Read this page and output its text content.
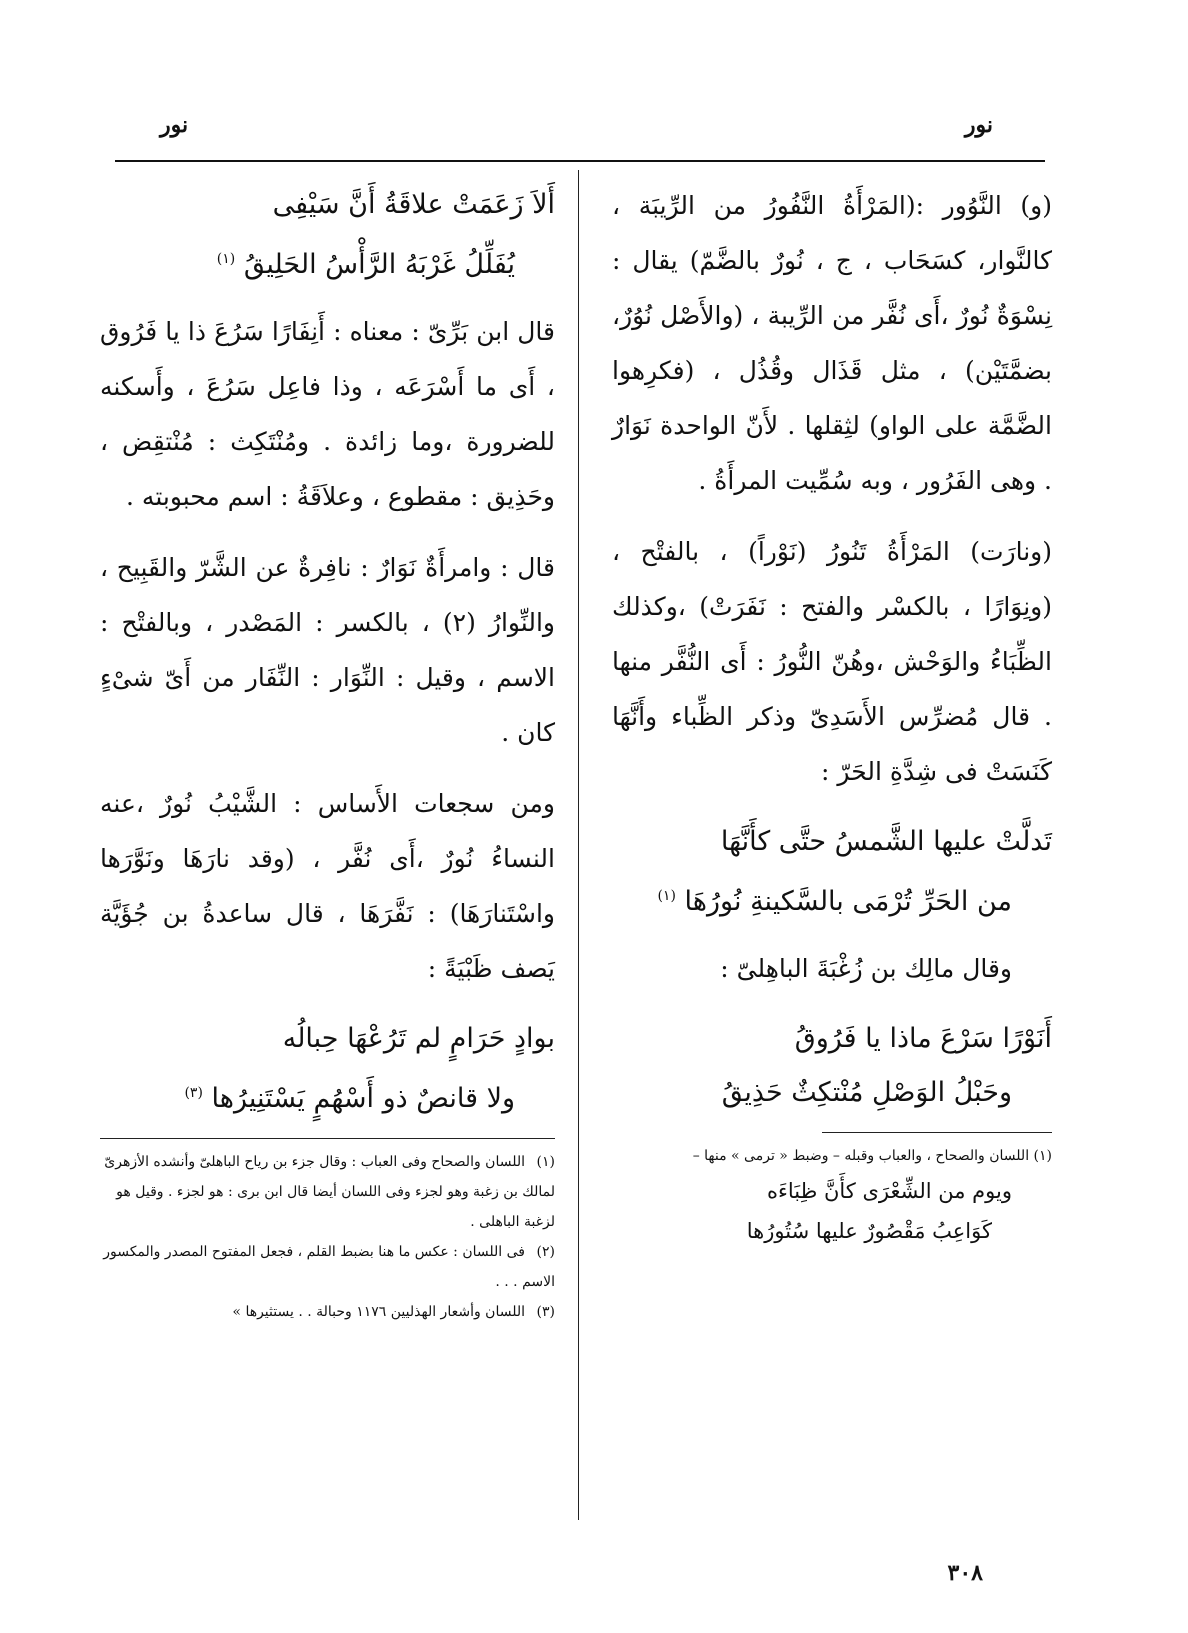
نور
نور

(و) النَّوُور :(المَرْأَةُ النَّفُورُ من الرِّيبَة ، كالنَّوار، كسَحَاب ، ج ، نُورٌ بالضَّمّ) يقال : نِسْوَةٌ نُورٌ ،أَى نُفَّر من الرِّيبة ، (والأَصْل نُوُرٌ، بضمَّتَيْن) ، مثل قَذَال وقُذُل ، (فكرِهوا الضَّمَّة على الواو) لثِقلها . لأَنّ الواحدة نَوَارٌ . وهى الفَرُور ، وبه سُمِّيت المرأَةُ .

(ونارَت) المَرْأَةُ تَنُورُ (نَوْراً) ، بالفتْح ، (ونِوَارًا ، بالكسْر والفتح : نَفَرَتْ) ،وكذلك الظِّبَاءُ والوَحْش ،وهُنّ النُّورُ : أَى النُّفَّر منها . قال مُضرِّس الأَسَدِىّ وذكر الظِّباء وأَنَّهَا كَنَسَتْ فى شِدَّةِ الحَرّ :

تَدلَّتْ عليها الشَّمسُ حتَّى كأَنَّهَا
من الحَرِّ تُرْمَى بالسَّكينةِ نُورُهَا $^{(١)}$

وقال مالِك بن زُغْبَةَ الباهِلىّ :

أَنَوْرًا سَرْعَ ماذا يا فَرُوقُ
وحَبْلُ الوَصْلِ مُنْتكِثٌ حَذِيقُ

(١) اللسان والصحاح ، والعباب وقبله – وضبط « ترمى » منها –

ويوم من الشِّعْرَى كأَنَّ ظِبَاءَه
كَوَاعِبُ مَقْصُورٌ عليها سُتُورُها
أَلاَ زَعَمَتْ علاقَةُ أَنَّ سَيْفِى
يُفَلِّلُ غَرْبَهُ الرَّأْسُ الحَلِيقُ $^{(١)}$

قال ابن بَرِّىّ : معناه : أَنِفَارًا سَرُعَ ذا يا فَرُوق ، أَى ما أَسْرَعَه ، وذا فاعِل سَرُعَ ، وأَسكنه للضرورة ،وما زائدة . ومُنْتَكِث : مُنْتقِض ، وحَذِيق : مقطوع ، وعلاَقَةُ : اسم محبوبته .

قال : وامرأَةٌ نَوَارٌ : نافِرةٌ عن الشَّرّ والقَبِيح ، والنِّوارُ (٢) ، بالكسر : المَصْدر ، وبالفتْح : الاسم ، وقيل : النِّوَار : النِّفَار من أَىّ شىْءٍ كان .

ومن سجعات الأَساس : الشَّيْبُ نُورٌ ،عنه النساءُ نُورٌ ،أَى نُفَّر ، (وقد نارَهَا ونَوَّرَها واسْتَنارَهَا) : نَفَّرَهَا ، قال ساعدةُ بن جُؤَيَّة يَصف ظَبْيَةً :

بوادٍ حَرَامٍ لم تَرُعْهَا حِبالُه
ولا قانصٌ ذو أَسْهُمٍ يَسْتَنِيرُها $^{(٣)}$

(١)اللسان والصحاح وفى العباب : وقال جزء بن رياح الباهلىّ وأنشده الأزهرىّ لمالك بن زغبة وهو لجزء وفى اللسان أيضا قال ابن برى : هو لجزء . وقيل هو لزغبة الباهلى .

(٢)فى اللسان : عكس ما هنا بضبط القلم ، فجعل المفتوح المصدر والمكسور الاسم . . .

(٣)اللسان وأشعار الهذليين ١١٧٦ وحبالة . . يستثيرها »

٣٠٨
